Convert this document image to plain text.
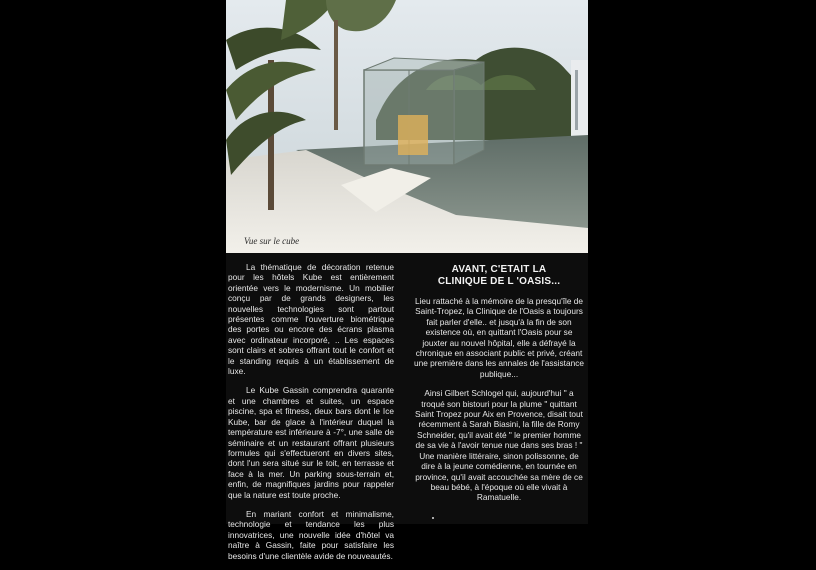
Vue sur le cube

La thématique de décoration retenue pour les hôtels Kube est entièrement orientée vers le modernisme. Un mobilier conçu par de grands designers, les nouvelles technologies sont partout présentes comme l'ouverture biométrique des portes ou encore des écrans plasma avec ordinateur incorporé, .. Les espaces sont clairs et sobres offrant tout le confort et le standing requis à un établissement de luxe.

Le Kube Gassin comprendra quarante et une chambres et suites, un espace piscine, spa et fitness, deux bars dont le Ice Kube, bar de glace à l'intérieur duquel la température est inférieure à -7°, une salle de séminaire et un restaurant offrant plusieurs formules qui s'effectueront en divers sites, dont l'un sera situé sur le toit, en terrasse et face à la mer. Un parking sous-terrain et, enfin, de magnifiques jardins pour rappeler que la nature est toute proche.

En mariant confort et minimalisme, technologie et tendance les plus innovatrices, une nouvelle idée d'hôtel va naître à Gassin, faite pour satisfaire les besoins d'une clientèle avide de nouveautés.

AVANT, C'ETAIT LA
CLINIQUE DE L 'OASIS...

Lieu rattaché à la mémoire de la presqu'île de Saint-Tropez, la Clinique de l'Oasis a toujours fait parler d'elle.. et jusqu'à la fin de son existence où, en quittant l'Oasis pour se jouxter au nouvel hôpital, elle a défrayé la chronique en associant public et privé, créant une première dans les annales de l'assistance publique...

Ainsi Gilbert Schlogel qui, aujourd'hui " a troqué son bistouri pour la plume " quittant Saint Tropez pour Aix en Provence, disait tout récemment à Sarah Biasini, la fille de Romy Schneider, qu'il avait été " le premier homme de sa vie à l'avoir tenue nue dans ses bras ! " Une manière littéraire, sinon polissonne, de dire à la jeune comédienne, en tournée en province, qu'il avait accouchée sa mère de ce beau bébé, à l'époque où elle vivait à Ramatuelle.
